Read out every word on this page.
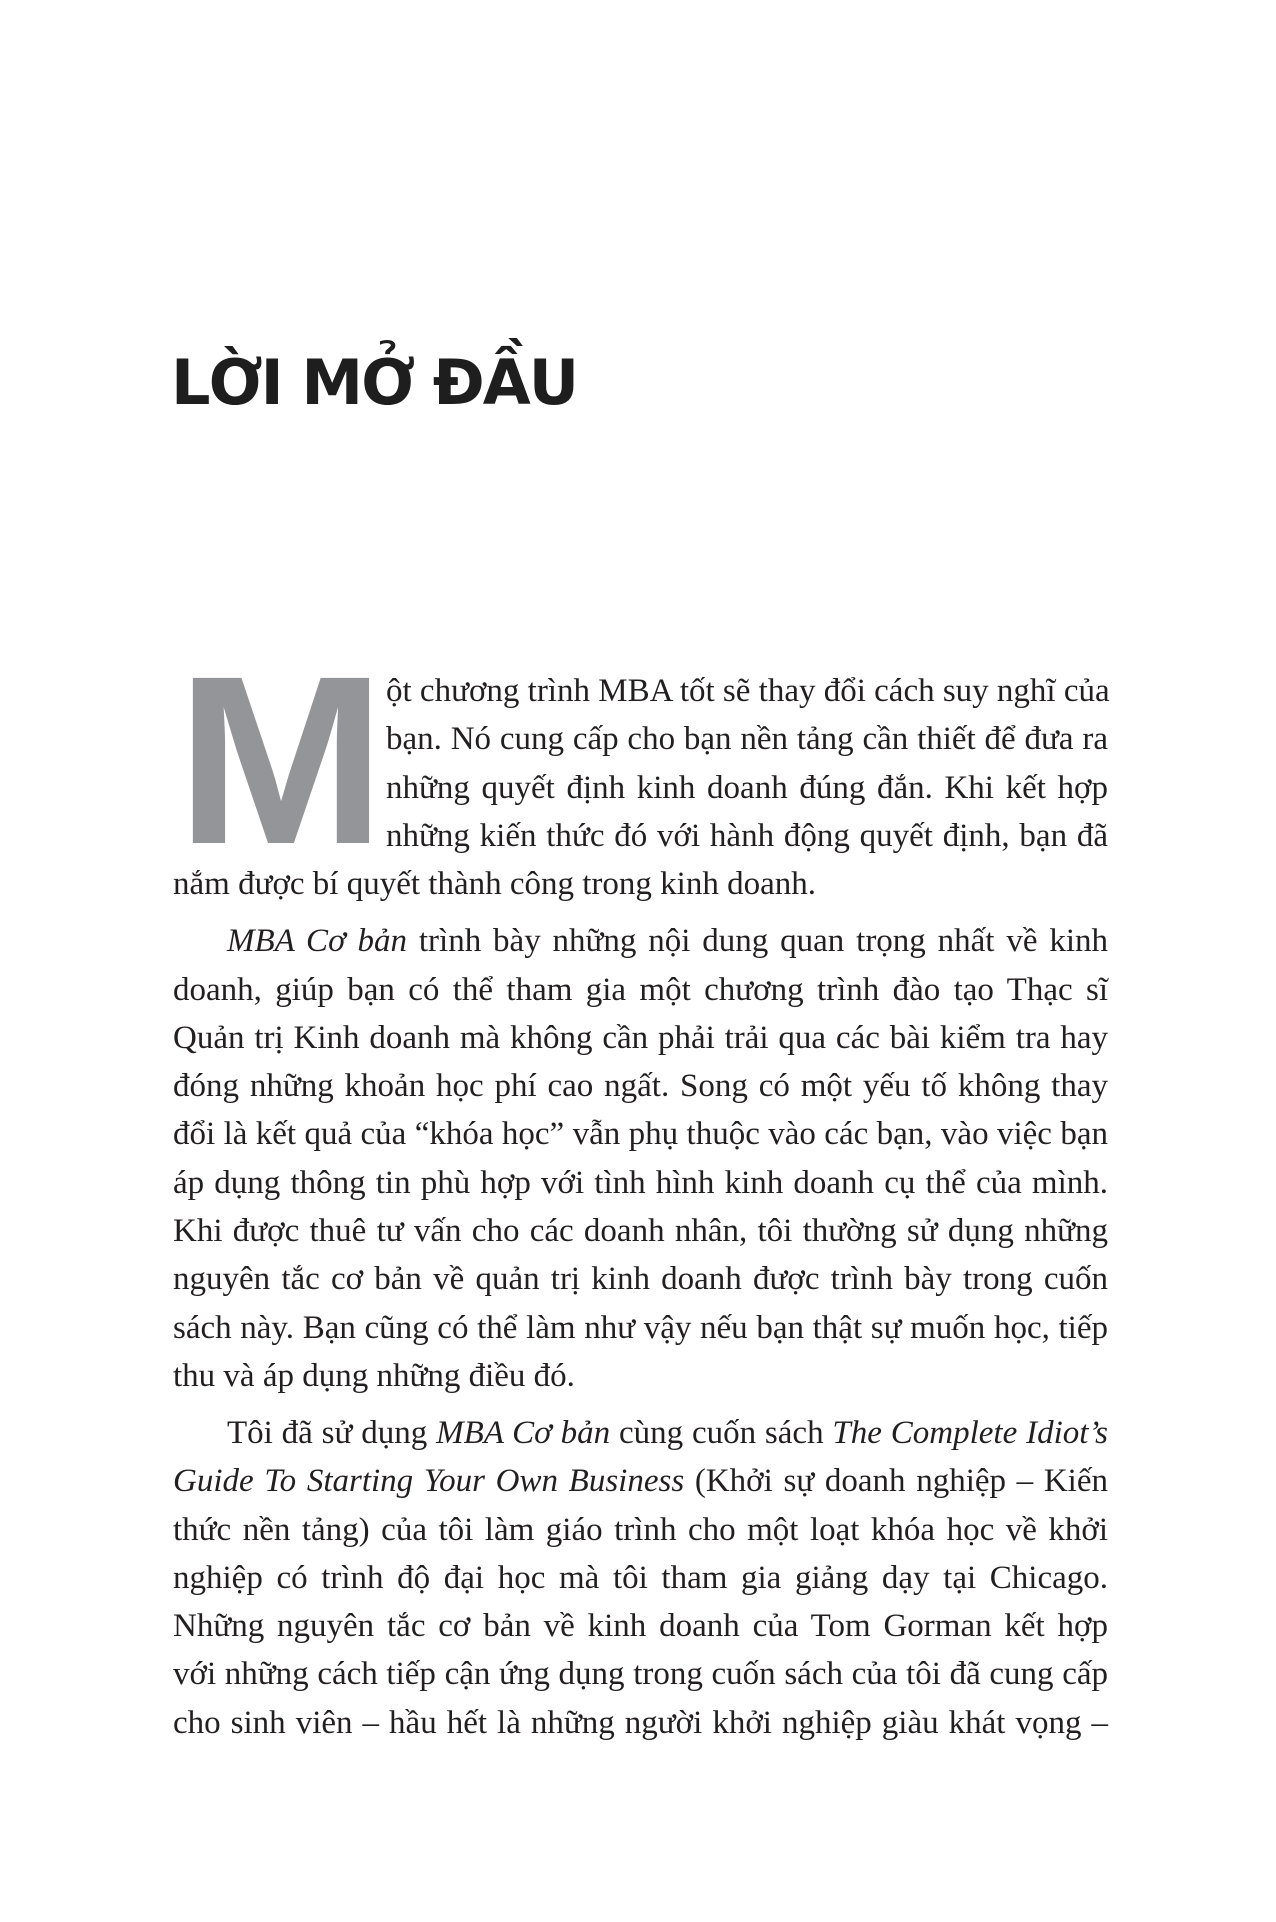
LỜI MỞ ĐẦU
M ột chương trình MBA tốt sẽ thay đổi cách suy nghĩ của
bạn. Nó cung cấp cho bạn nền tảng cần thiết để đưa ra
những quyết định kinh doanh đúng đắn. Khi kết hợp
những kiến thức đó với hành động quyết định, bạn đã
nắm được bí quyết thành công trong kinh doanh.
MBA Cơ bản trình bày những nội dung quan trọng nhất về kinh
doanh, giúp bạn có thể tham gia một chương trình đào tạo Thạc sĩ
Quản trị Kinh doanh mà không cần phải trải qua các bài kiểm tra hay
đóng những khoản học phí cao ngất. Song có một yếu tố không thay
đổi là kết quả của “khóa học” vẫn phụ thuộc vào các bạn, vào việc bạn
áp dụng thông tin phù hợp với tình hình kinh doanh cụ thể của mình.
Khi được thuê tư vấn cho các doanh nhân, tôi thường sử dụng những
nguyên tắc cơ bản về quản trị kinh doanh được trình bày trong cuốn
sách này. Bạn cũng có thể làm như vậy nếu bạn thật sự muốn học, tiếp
thu và áp dụng những điều đó.
Tôi đã sử dụng MBA Cơ bản cùng cuốn sách The Complete Idiot’s
Guide To Starting Your Own Business (Khởi sự doanh nghiệp – Kiến
thức nền tảng) của tôi làm giáo trình cho một loạt khóa học về khởi
nghiệp có trình độ đại học mà tôi tham gia giảng dạy tại Chicago.
Những nguyên tắc cơ bản về kinh doanh của Tom Gorman kết hợp
với những cách tiếp cận ứng dụng trong cuốn sách của tôi đã cung cấp
cho sinh viên – hầu hết là những người khởi nghiệp giàu khát vọng –
